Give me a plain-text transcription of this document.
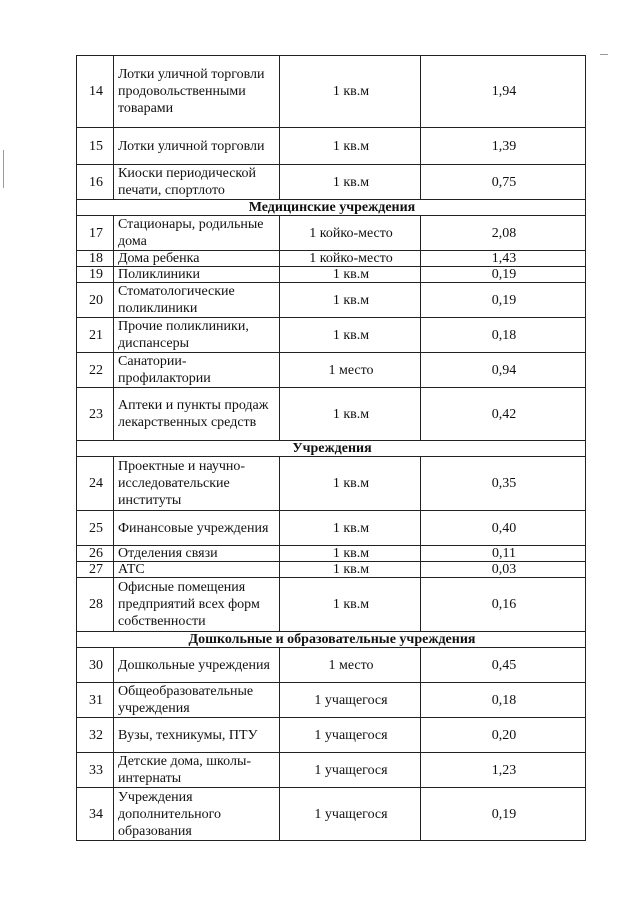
14	Лотки уличной торговли продовольственными товарами	1 кв.м	1,94
15	Лотки уличной торговли	1 кв.м	1,39
16	Киоски периодической печати, спортлото	1 кв.м	0,75
Медицинские учреждения			
17	Стационары, родильные дома	1 койко-место	2,08
18	Дома ребенка	1 койко-место	1,43
19	Поликлиники	1 кв.м	0,19
20	Стоматологические поликлиники	1 кв.м	0,19
21	Прочие поликлиники, диспансеры	1 кв.м	0,18
22	Санатории-профилактории	1 место	0,94
23	Аптеки и пункты продаж лекарственных средств	1 кв.м	0,42
Учреждения			
24	Проектные и научно-исследовательские институты	1 кв.м	0,35
25	Финансовые учреждения	1 кв.м	0,40
26	Отделения связи	1 кв.м	0,11
27	АТС	1 кв.м	0,03
28	Офисные помещения предприятий всех форм собственности	1 кв.м	0,16
Дошкольные и образовательные учреждения			
30	Дошкольные учреждения	1 место	0,45
31	Общеобразовательные учреждения	1 учащегося	0,18
32	Вузы, техникумы, ПТУ	1 учащегося	0,20
33	Детские дома, школы-интернаты	1 учащегося	1,23
34	Учреждения дополнительного образования	1 учащегося	0,19
